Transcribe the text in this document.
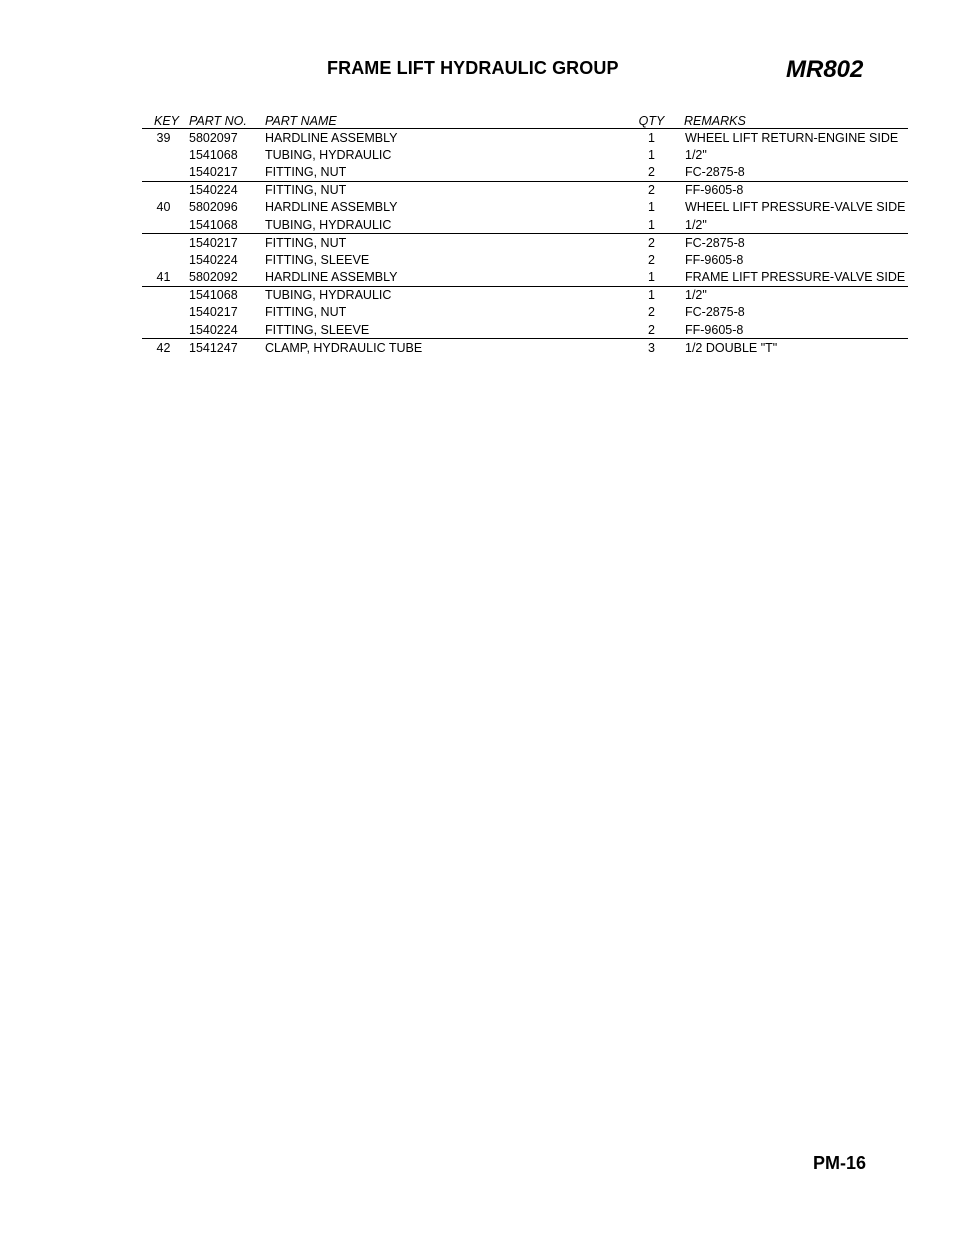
FRAME LIFT HYDRAULIC GROUP	MR802
KEY	PART NO.	PART NAME	QTY	REMARKS
39	5802097	HARDLINE ASSEMBLY	1	WHEEL LIFT RETURN-ENGINE SIDE
	1541068	TUBING, HYDRAULIC	1	1/2"
	1540217	FITTING, NUT	2	FC-2875-8
	1540224	FITTING, NUT	2	FF-9605-8
40	5802096	HARDLINE ASSEMBLY	1	WHEEL LIFT PRESSURE-VALVE SIDE
	1541068	TUBING, HYDRAULIC	1	1/2"
	1540217	FITTING, NUT	2	FC-2875-8
	1540224	FITTING, SLEEVE	2	FF-9605-8
41	5802092	HARDLINE ASSEMBLY	1	FRAME LIFT PRESSURE-VALVE SIDE
	1541068	TUBING, HYDRAULIC	1	1/2"
	1540217	FITTING, NUT	2	FC-2875-8
	1540224	FITTING, SLEEVE	2	FF-9605-8
42	1541247	CLAMP, HYDRAULIC TUBE	3	1/2 DOUBLE "T"
PM-16
